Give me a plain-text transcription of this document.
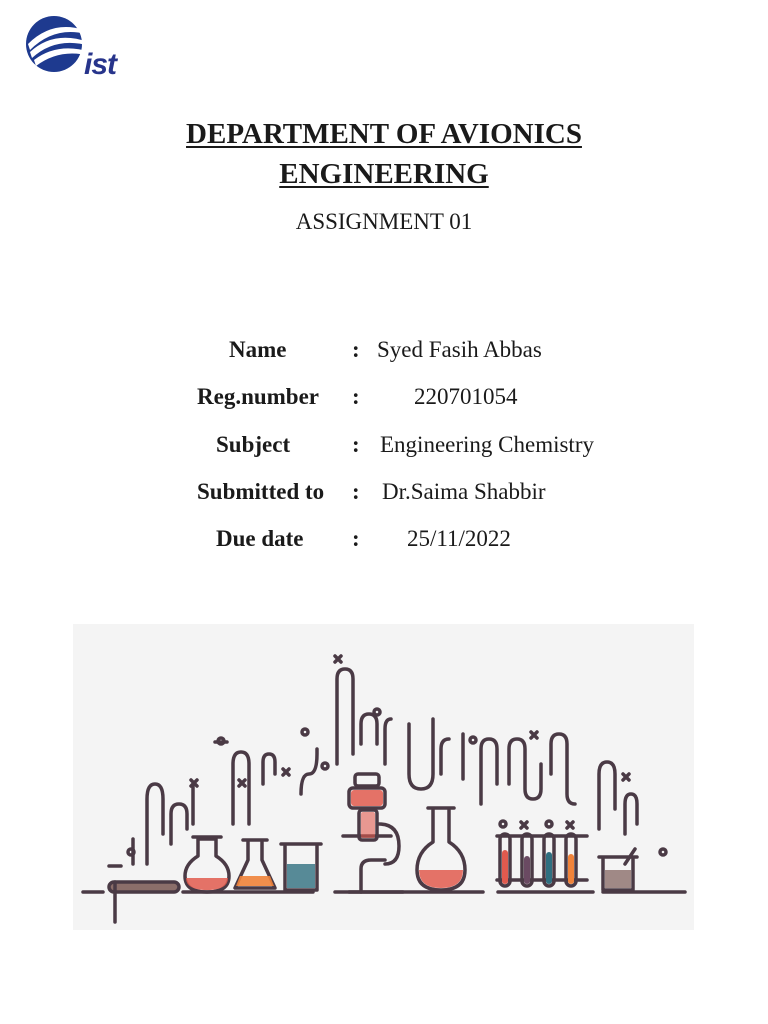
ist
DEPARTMENT OF AVIONICS
ENGINEERING
ASSIGNMENT 01
Name	: Syed Fasih Abbas
Reg.number : 220701054
Subject	: Engineering Chemistry
Submitted to : Dr.Saima Shabbir
Due date : 25/11/2022
